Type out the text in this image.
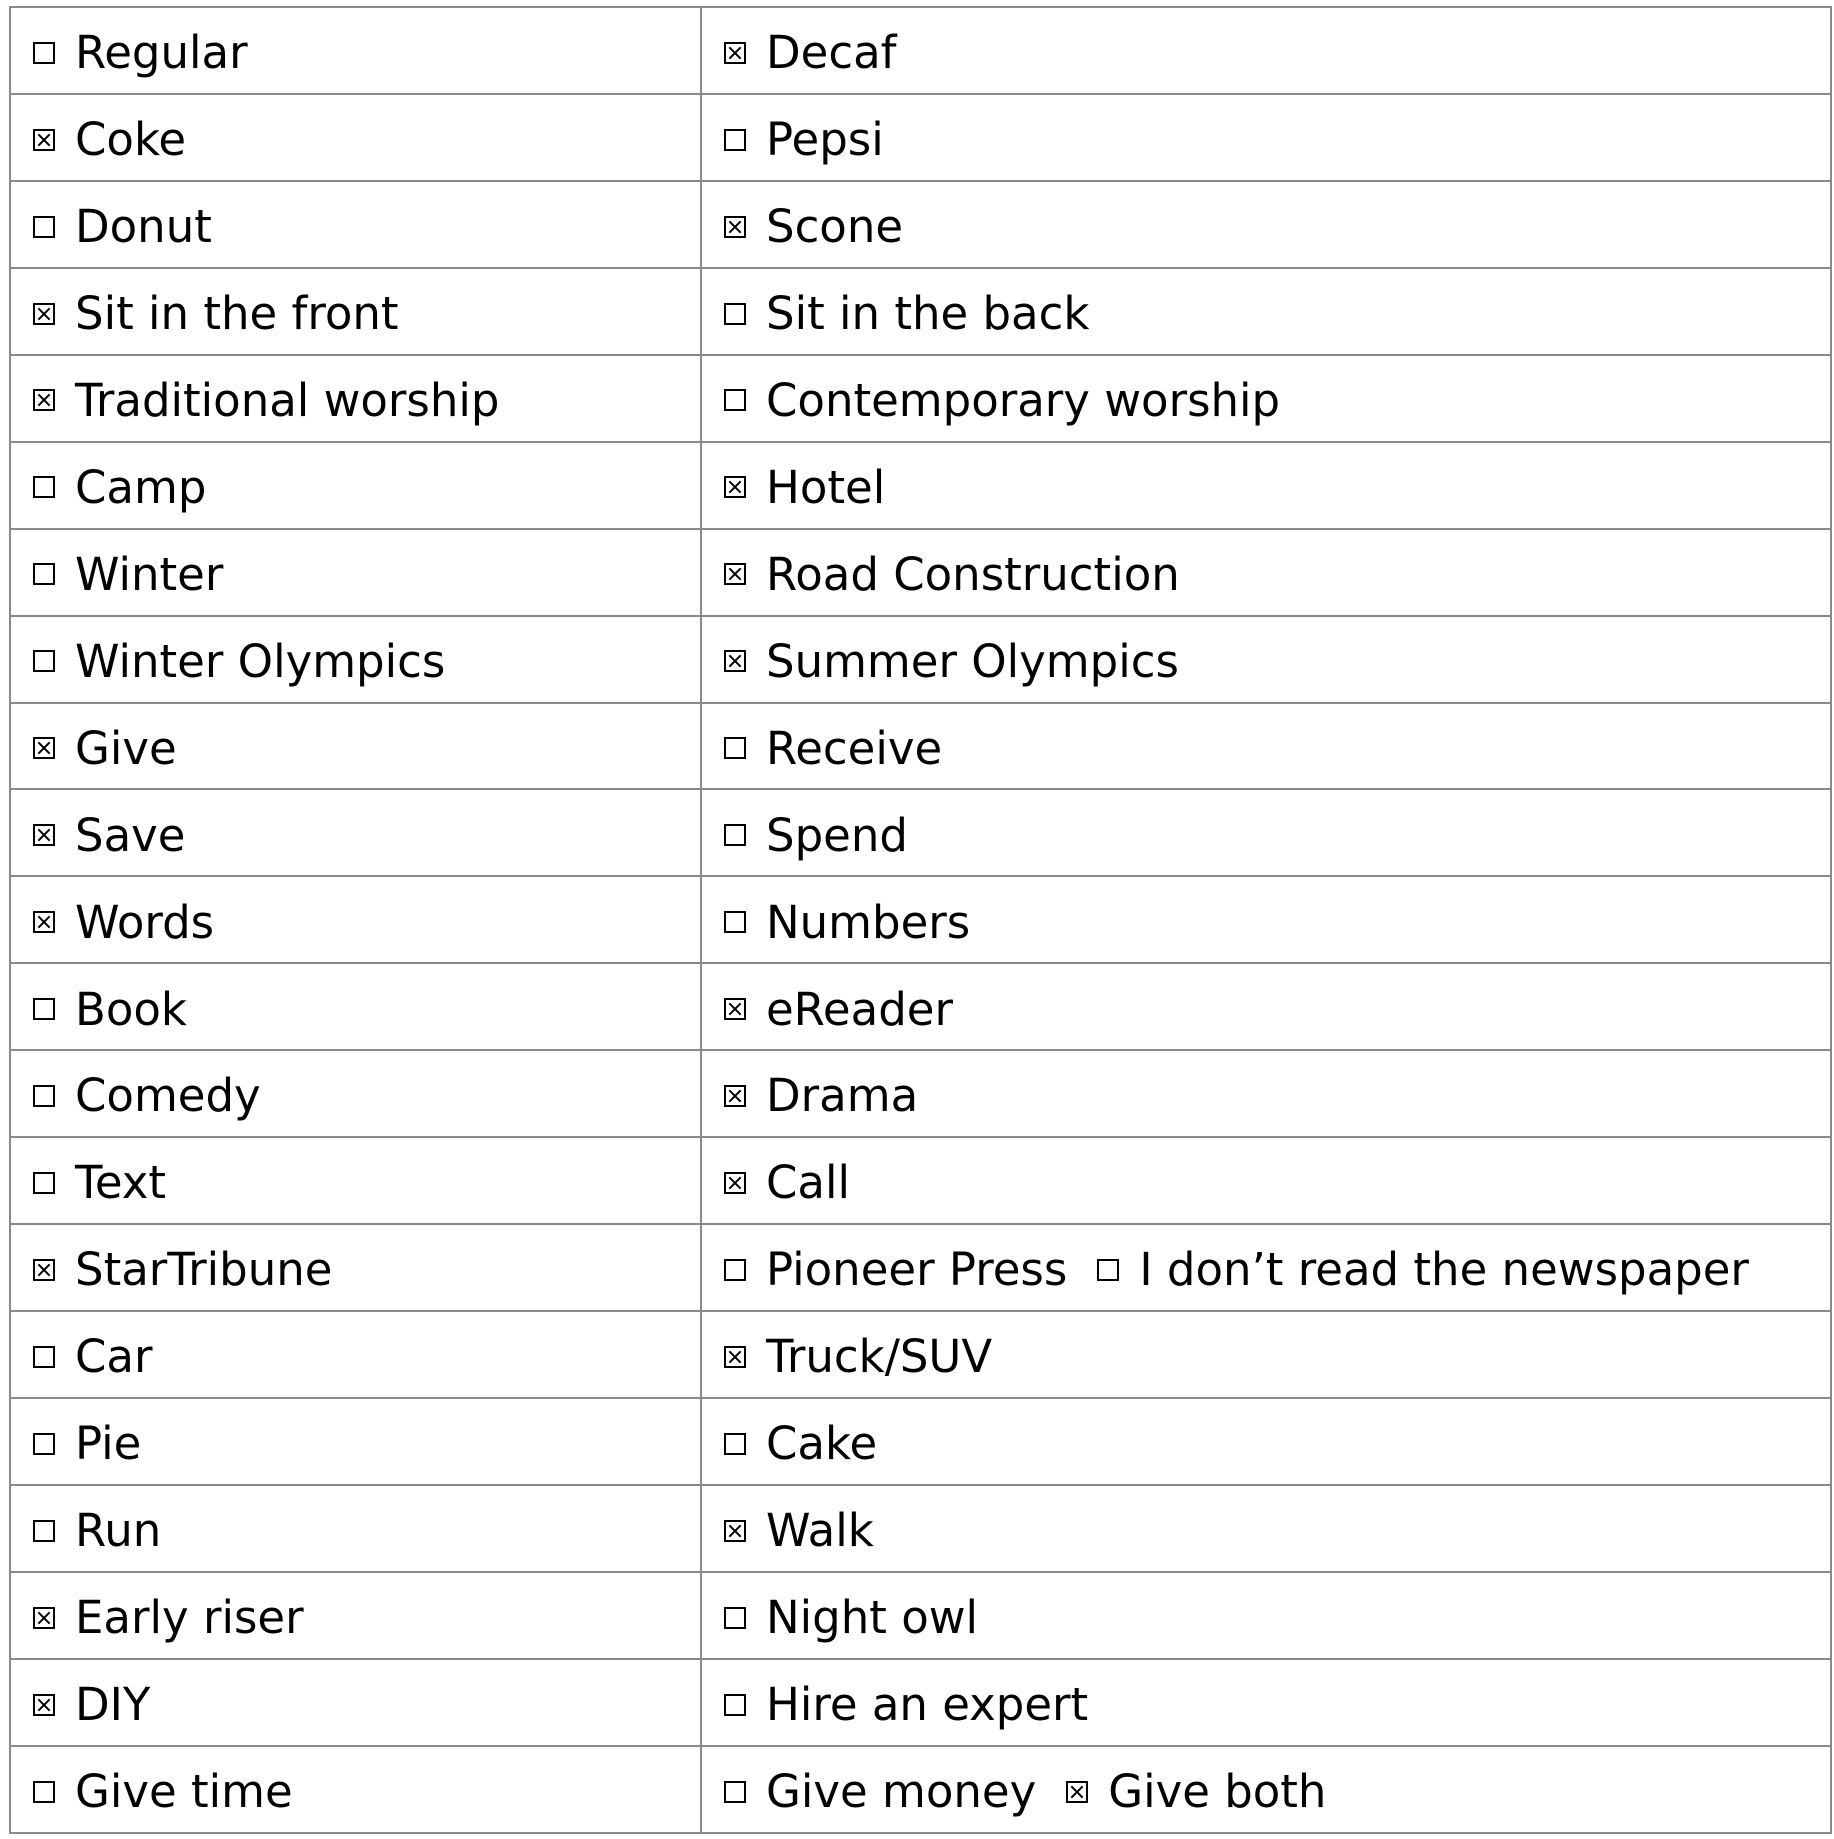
Regular	Decaf

Coke	Pepsi

Donut	Scone

Sit in the front	Sit in the back

Traditional worship	Contemporary worship

Camp	Hotel

Winter	Road Construction

Winter Olympics	Summer Olympics

Give	Receive

Save	Spend

Words	Numbers

Book	eReader

Comedy	Drama

Text	Call

StarTribune	Pioneer Press I don’t read the newspaper

Car	Truck/SUV

Pie	Cake

Run	Walk

Early riser	Night owl

DIY	Hire an expert

Give time	Give money Give both
